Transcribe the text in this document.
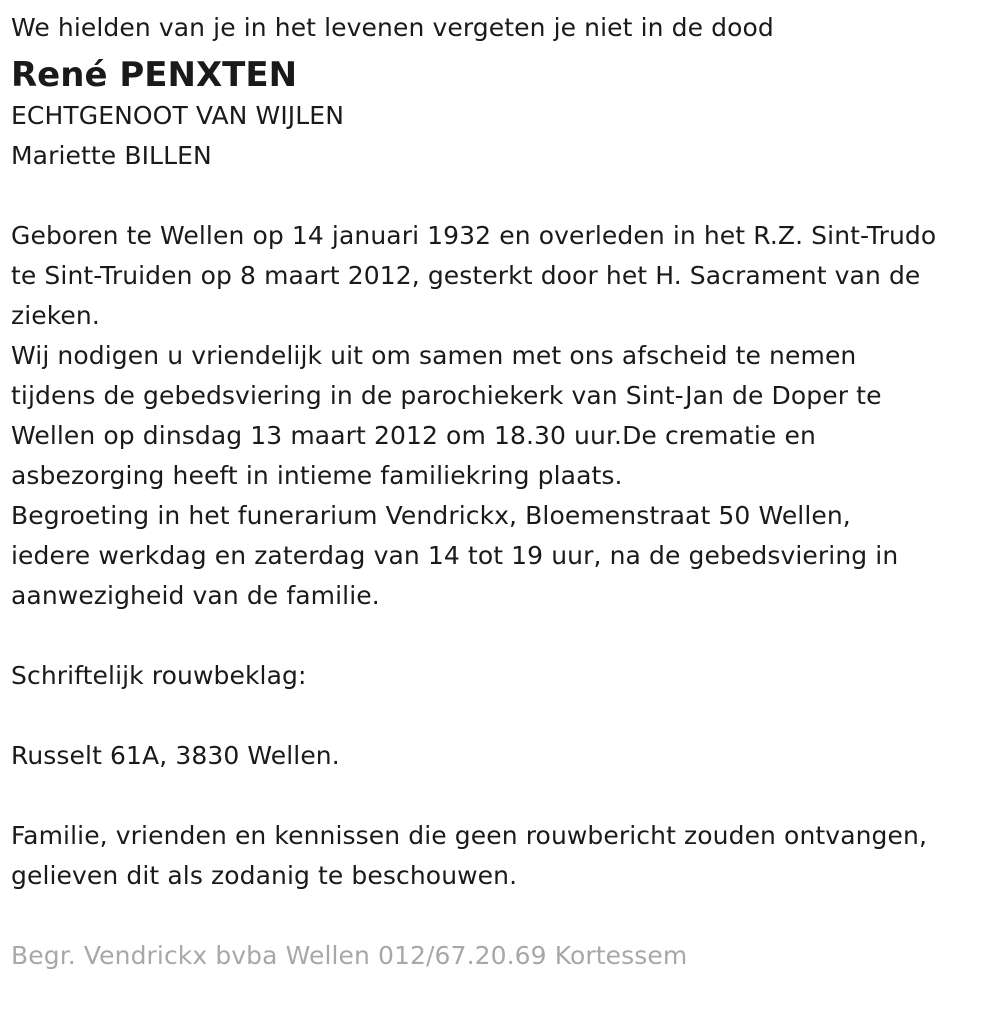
We hielden van je in het levenen vergeten je niet in de dood

René PENXTEN

ECHTGENOOT VAN WIJLEN

Mariette BILLEN

Geboren te Wellen op 14 januari 1932 en overleden in het R.Z. Sint-Trudo

te Sint-Truiden op 8 maart 2012, gesterkt door het H. Sacrament van de

zieken.

Wij nodigen u vriendelijk uit om samen met ons afscheid te nemen

tijdens de gebedsviering in de parochiekerk van Sint-Jan de Doper te

Wellen op dinsdag 13 maart 2012 om 18.30 uur.De crematie en

asbezorging heeft in intieme familiekring plaats.

Begroeting in het funerarium Vendrickx, Bloemenstraat 50 Wellen,

iedere werkdag en zaterdag van 14 tot 19 uur, na de gebedsviering in

aanwezigheid van de familie.

Schriftelijk rouwbeklag:

Russelt 61A, 3830 Wellen.

Familie, vrienden en kennissen die geen rouwbericht zouden ontvangen,

gelieven dit als zodanig te beschouwen.

Begr. Vendrickx bvba Wellen 012/67.20.69 Kortessem
